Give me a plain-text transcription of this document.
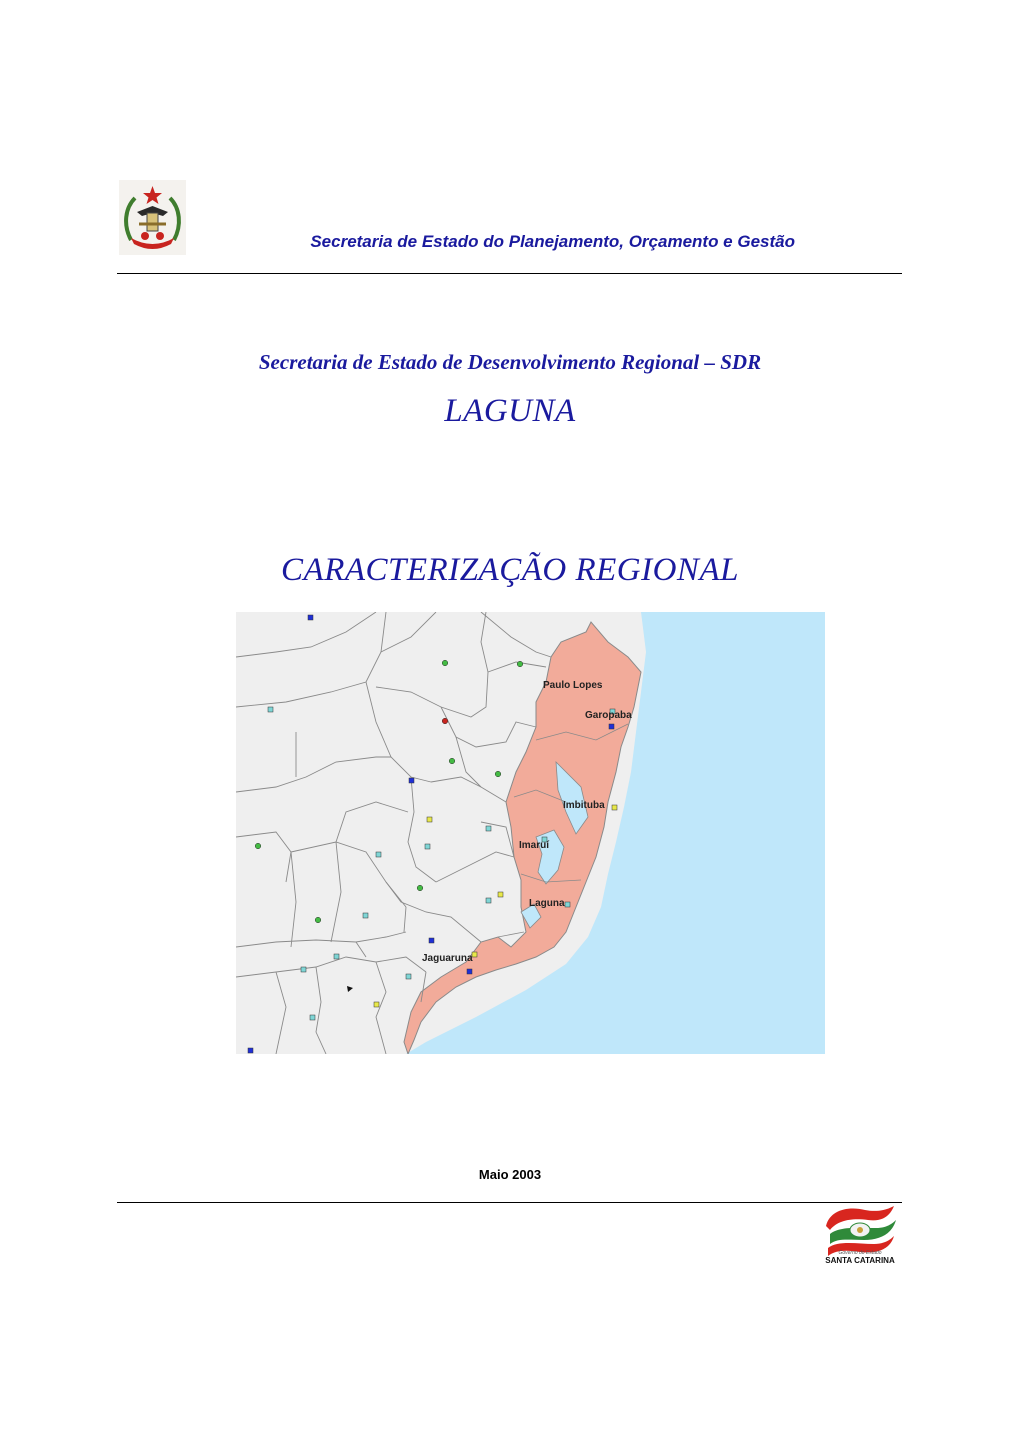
Secretaria de Estado do Planejamento, Orçamento e Gestão
Secretaria de Estado de Desenvolvimento Regional – SDR
LAGUNA
CARACTERIZAÇÃO REGIONAL
Paulo Lopes
Garopaba
Imbituba
Imaruí
Laguna
Jaguaruna
Maio 2003
Governo do Estado
SANTA CATARINA
